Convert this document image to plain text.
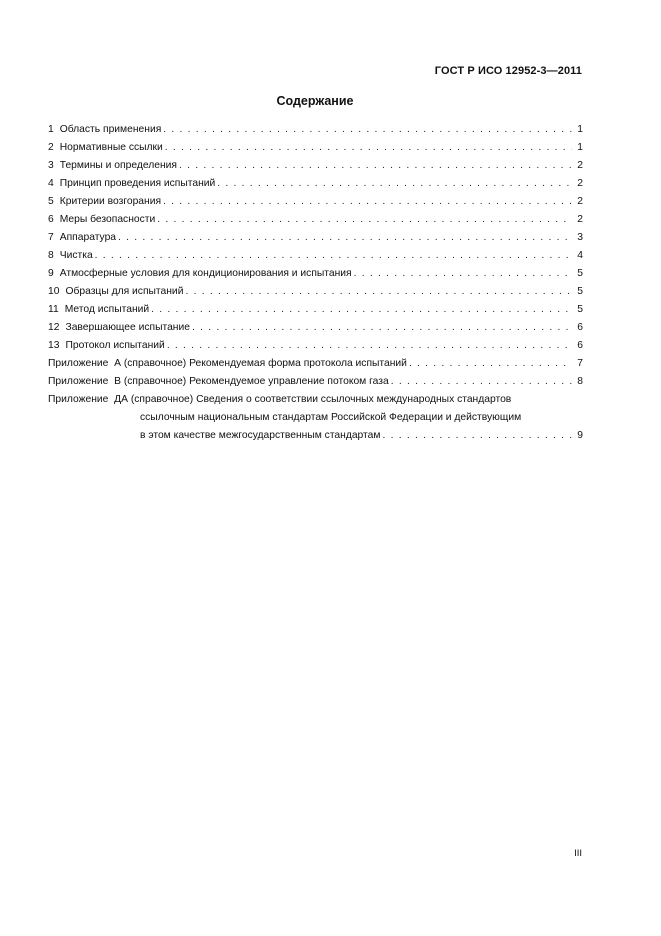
ГОСТ Р ИСО 12952-3—2011
Содержание
1 Область применения . . .	1
2 Нормативные ссылки . . .	1
3 Термины и определения . . .	2
4 Принцип проведения испытаний . . .	2
5 Критерии возгорания . . .	2
6 Меры безопасности . . .	2
7 Аппаратура . . .	3
8 Чистка . . .	4
9 Атмосферные условия для кондиционирования и испытания . . .	5
10 Образцы для испытаний . . .	5
11 Метод испытаний . . .	5
12 Завершающее испытание . . .	6
13 Протокол испытаний . . .	6
Приложение  А (справочное) Рекомендуемая форма протокола испытаний . . .	7
Приложение  В (справочное) Рекомендуемое управление потоком газа . . .	8
Приложение  ДА (справочное) Сведения о соответствии ссылочных международных стандартов
ссылочным национальным стандартам Российской Федерации и действующим
в этом качестве межгосударственным стандартам . . .	9
III
